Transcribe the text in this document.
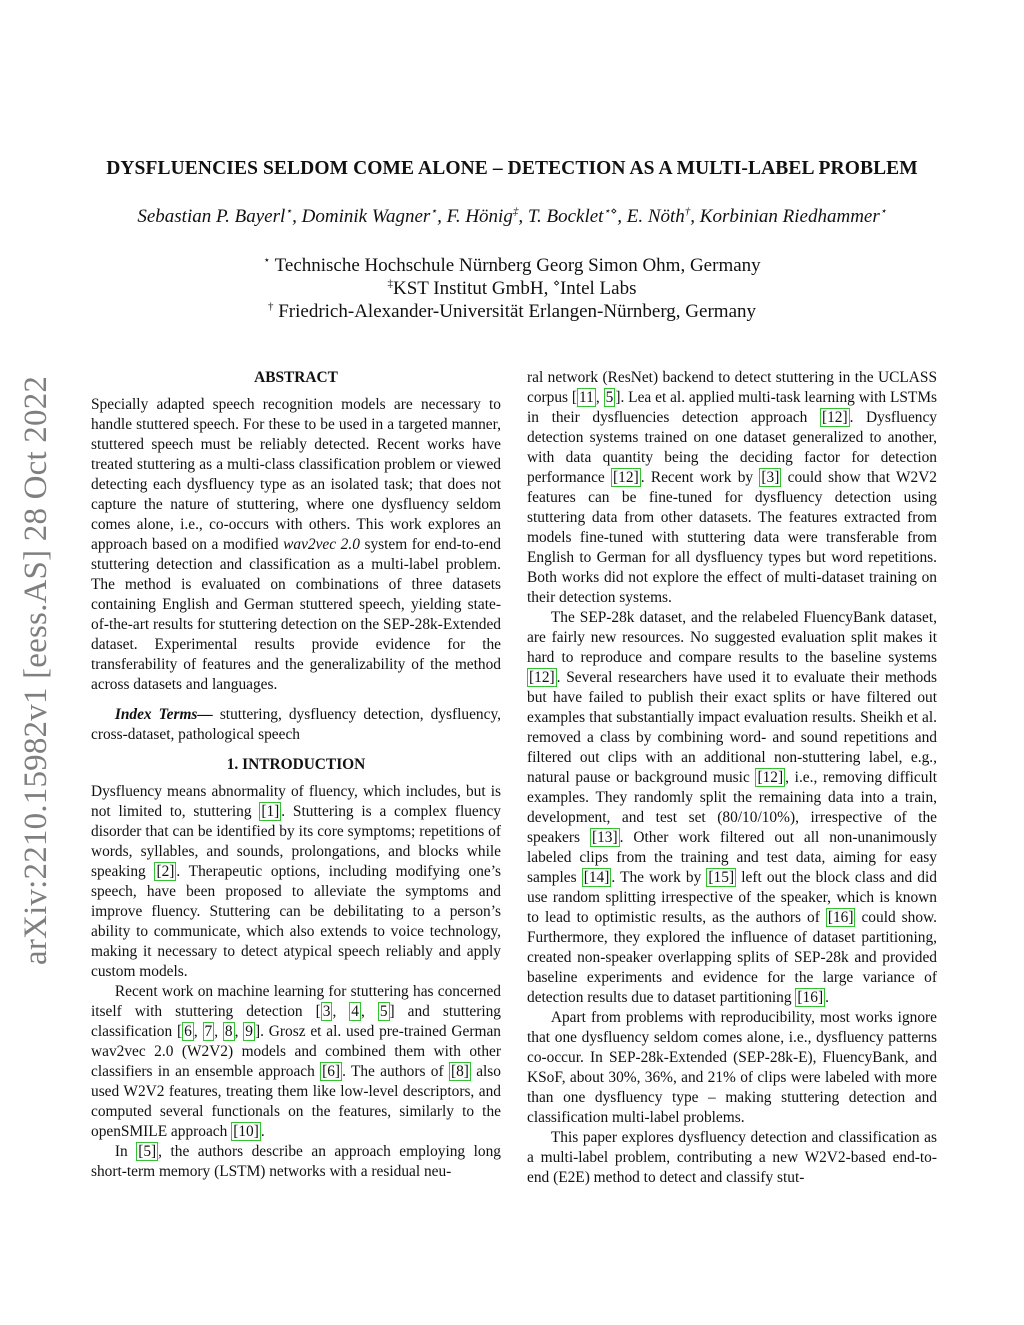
arXiv:2210.15982v1 [eess.AS] 28 Oct 2022
DYSFLUENCIES SELDOM COME ALONE – DETECTION AS A MULTI-LABEL PROBLEM
Sebastian P. Bayerl⋆, Dominik Wagner⋆, F. Hönig‡, T. Bocklet⋆⋄, E. Nöth†, Korbinian Riedhammer⋆
⋆ Technische Hochschule Nürnberg Georg Simon Ohm, Germany
‡KST Institut GmbH, ⋄Intel Labs
† Friedrich-Alexander-Universität Erlangen-Nürnberg, Germany
ABSTRACT

Specially adapted speech recognition models are necessary to handle stuttered speech. For these to be used in a targeted manner, stuttered speech must be reliably detected. Recent works have treated stuttering as a multi-class classification problem or viewed detecting each dysfluency type as an isolated task; that does not capture the nature of stuttering, where one dysfluency seldom comes alone, i.e., co-occurs with others. This work explores an approach based on a modified wav2vec 2.0 system for end-to-end stuttering detection and classification as a multi-label problem. The method is evaluated on combinations of three datasets containing English and German stuttered speech, yielding state-of-the-art results for stuttering detection on the SEP-28k-Extended dataset. Experimental results provide evidence for the transferability of features and the generalizability of the method across datasets and languages.

Index Terms— stuttering, dysfluency detection, dysfluency, cross-dataset, pathological speech

1. INTRODUCTION

Dysfluency means abnormality of fluency, which includes, but is not limited to, stuttering [1] . Stuttering is a complex fluency disorder that can be identified by its core symptoms; repetitions of words, syllables, and sounds, prolongations, and blocks while speaking [2] . Therapeutic options, including modifying one’s speech, have been proposed to alleviate the symptoms and improve fluency. Stuttering can be debilitating to a person’s ability to communicate, which also extends to voice technology, making it necessary to detect atypical speech reliably and apply custom models.

Recent work on machine learning for stuttering has concerned itself with stuttering detection [ 3 , 4 , 5 ] and stuttering classification [ 6 , 7 , 8 , 9 ]. Grosz et al. used pre-trained German wav2vec 2.0 (W2V2) models and combined them with other classifiers in an ensemble approach [6] . The authors of [8] also used W2V2 features, treating them like low-level descriptors, and computed several functionals on the features, similarly to the openSMILE approach [10] .

In [5] , the authors describe an approach employing long short-term memory (LSTM) networks with a residual neu-

ral network (ResNet) backend to detect stuttering in the UCLASS corpus [ 11 , 5 ]. Lea et al. applied multi-task learning with LSTMs in their dysfluencies detection approach [12] . Dysfluency detection systems trained on one dataset generalized to another, with data quantity being the deciding factor for detection performance [12] . Recent work by [3] could show that W2V2 features can be fine-tuned for dysfluency detection using stuttering data from other datasets. The features extracted from models fine-tuned with stuttering data were transferable from English to German for all dysfluency types but word repetitions. Both works did not explore the effect of multi-dataset training on their detection systems.

The SEP-28k dataset, and the relabeled FluencyBank dataset, are fairly new resources. No suggested evaluation split makes it hard to reproduce and compare results to the baseline systems [12] . Several researchers have used it to evaluate their methods but have failed to publish their exact splits or have filtered out examples that substantially impact evaluation results. Sheikh et al. removed a class by combining word- and sound repetitions and filtered out clips with an additional non-stuttering label, e.g., natural pause or background music [12] , i.e., removing difficult examples. They randomly split the remaining data into a train, development, and test set (80/10/10%), irrespective of the speakers [13] . Other work filtered out all non-unanimously labeled clips from the training and test data, aiming for easy samples [14] . The work by [15] left out the block class and did use random splitting irrespective of the speaker, which is known to lead to optimistic results, as the authors of [16] could show. Furthermore, they explored the influence of dataset partitioning, created non-speaker overlapping splits of SEP-28k and provided baseline experiments and evidence for the large variance of detection results due to dataset partitioning [16] .

Apart from problems with reproducibility, most works ignore that one dysfluency seldom comes alone, i.e., dysfluency patterns co-occur. In SEP-28k-Extended (SEP-28k-E), FluencyBank, and KSoF, about 30%, 36%, and 21% of clips were labeled with more than one dysfluency type – making stuttering detection and classification multi-label problems.

This paper explores dysfluency detection and classification as a multi-label problem, contributing a new W2V2-based end-to-end (E2E) method to detect and classify stut-
